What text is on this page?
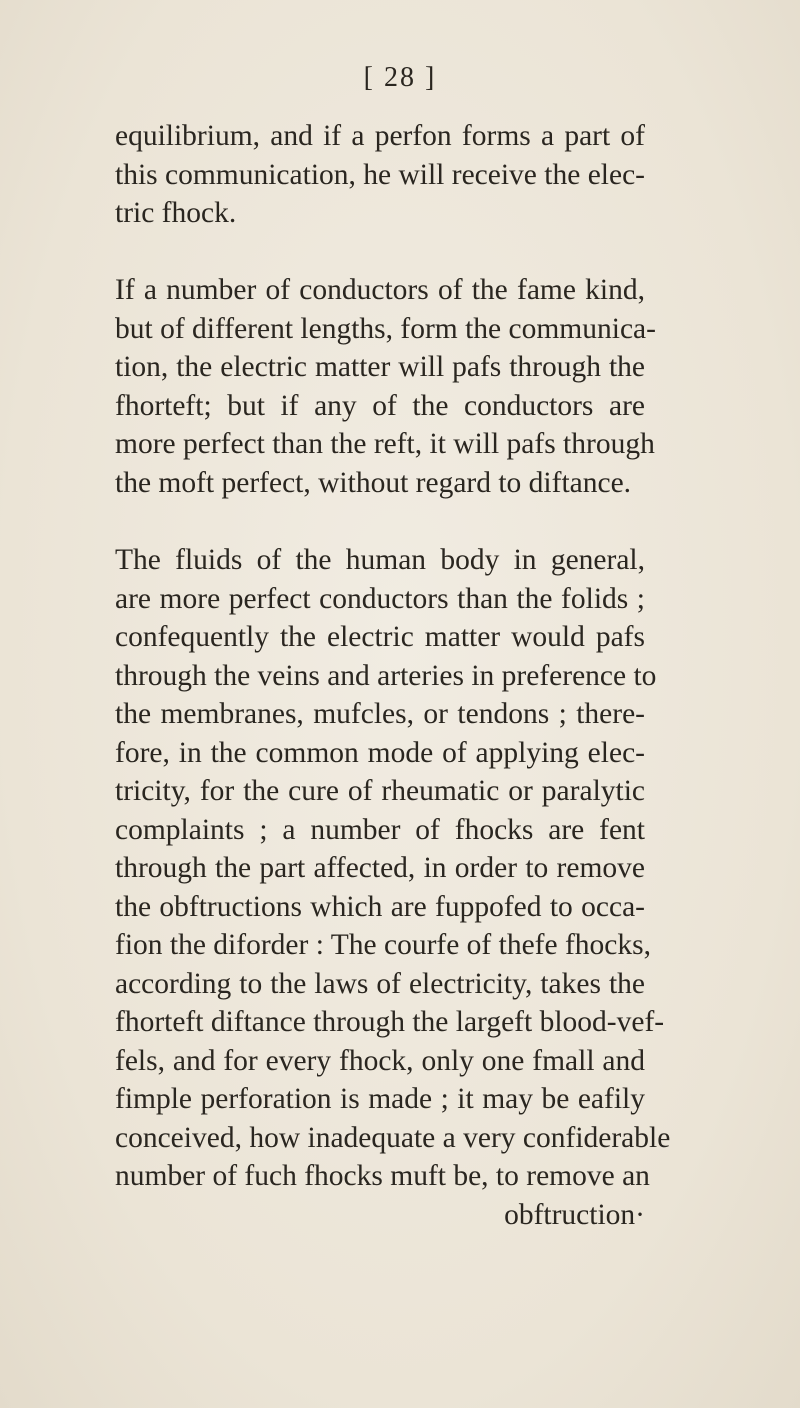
[ 28 ]
equilibrium, and if a perfon forms a part of
this communication, he will receive the elec-
tric fhock.
If a number of conductors of the fame kind,
but of different lengths, form the communica-
tion, the electric matter will pafs through the
fhorteft; but if any of the conductors are
more perfect than the reft, it will pafs through
the moft perfect, without regard to diftance.
The fluids of the human body in general,
are more perfect conductors than the folids ;
confequently the electric matter would pafs
through the veins and arteries in preference to
the membranes, mufcles, or tendons ; there-
fore, in the common mode of applying elec-
tricity, for the cure of rheumatic or paralytic
complaints ; a number of fhocks are fent
through the part affected, in order to remove
the obftructions which are fuppofed to occa-
fion the diforder : The courfe of thefe fhocks,
according to the laws of electricity, takes the
fhorteft diftance through the largeft blood-vef-
fels, and for every fhock, only one fmall and
fimple perforation is made ; it may be eafily
conceived, how inadequate a very confiderable
number of fuch fhocks muft be, to remove an
obftruction·
